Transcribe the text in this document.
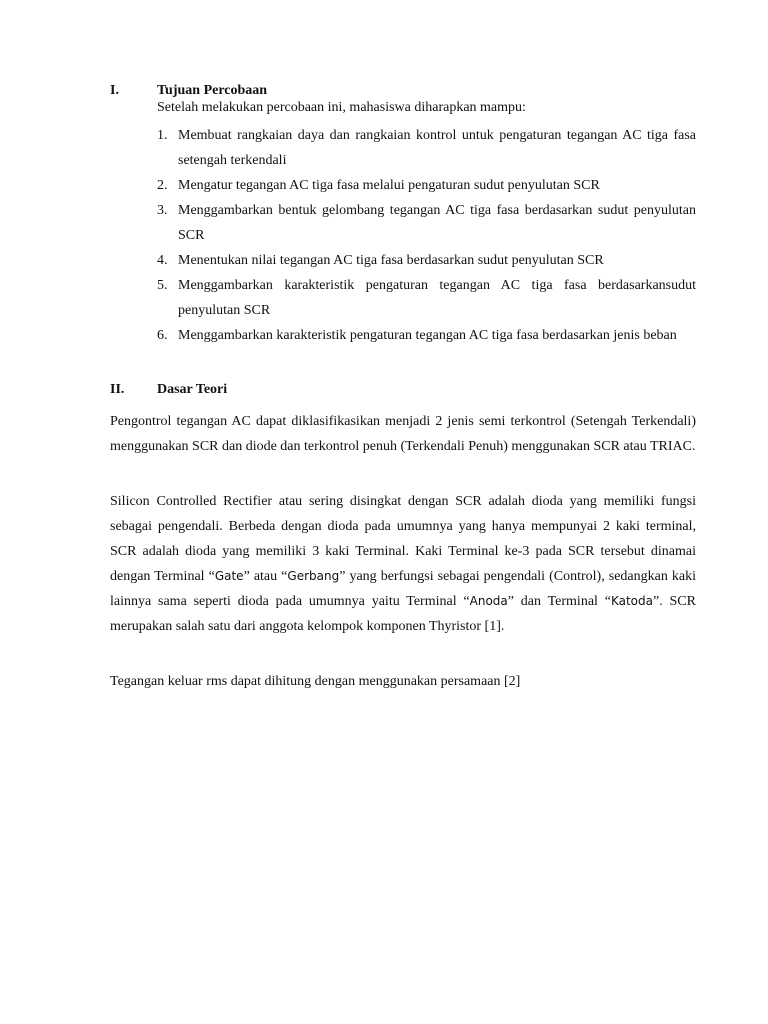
I.	Tujuan Percobaan
Setelah melakukan percobaan ini, mahasiswa diharapkan mampu:
1. Membuat rangkaian daya dan rangkaian kontrol untuk pengaturan tegangan AC tiga fasa setengah terkendali
2. Mengatur tegangan AC tiga fasa melalui pengaturan sudut penyulutan SCR
3. Menggambarkan bentuk gelombang tegangan AC tiga fasa berdasarkan sudut penyulutan SCR
4. Menentukan nilai tegangan AC tiga fasa berdasarkan sudut penyulutan SCR
5. Menggambarkan karakteristik pengaturan tegangan AC tiga fasa berdasarkansudut penyulutan SCR
6. Menggambarkan karakteristik pengaturan tegangan AC tiga fasa berdasarkan jenis beban
II. Dasar Teori
Pengontrol tegangan AC dapat diklasifikasikan menjadi 2 jenis semi terkontrol (Setengah Terkendali) menggunakan SCR dan diode dan terkontrol penuh (Terkendali Penuh) menggunakan SCR atau TRIAC.
Silicon Controlled Rectifier atau sering disingkat dengan SCR adalah dioda yang memiliki fungsi sebagai pengendali. Berbeda dengan dioda pada umumnya yang hanya mempunyai 2 kaki terminal, SCR adalah dioda yang memiliki 3 kaki Terminal. Kaki Terminal ke-3 pada SCR tersebut dinamai dengan Terminal “Gate” atau “Gerbang” yang berfungsi sebagai pengendali (Control), sedangkan kaki lainnya sama seperti dioda pada umumnya yaitu Terminal “Anoda” dan Terminal “Katoda”. SCR merupakan salah satu dari anggota kelompok komponen Thyristor [1].
Tegangan keluar rms dapat dihitung dengan menggunakan persamaan [2]
